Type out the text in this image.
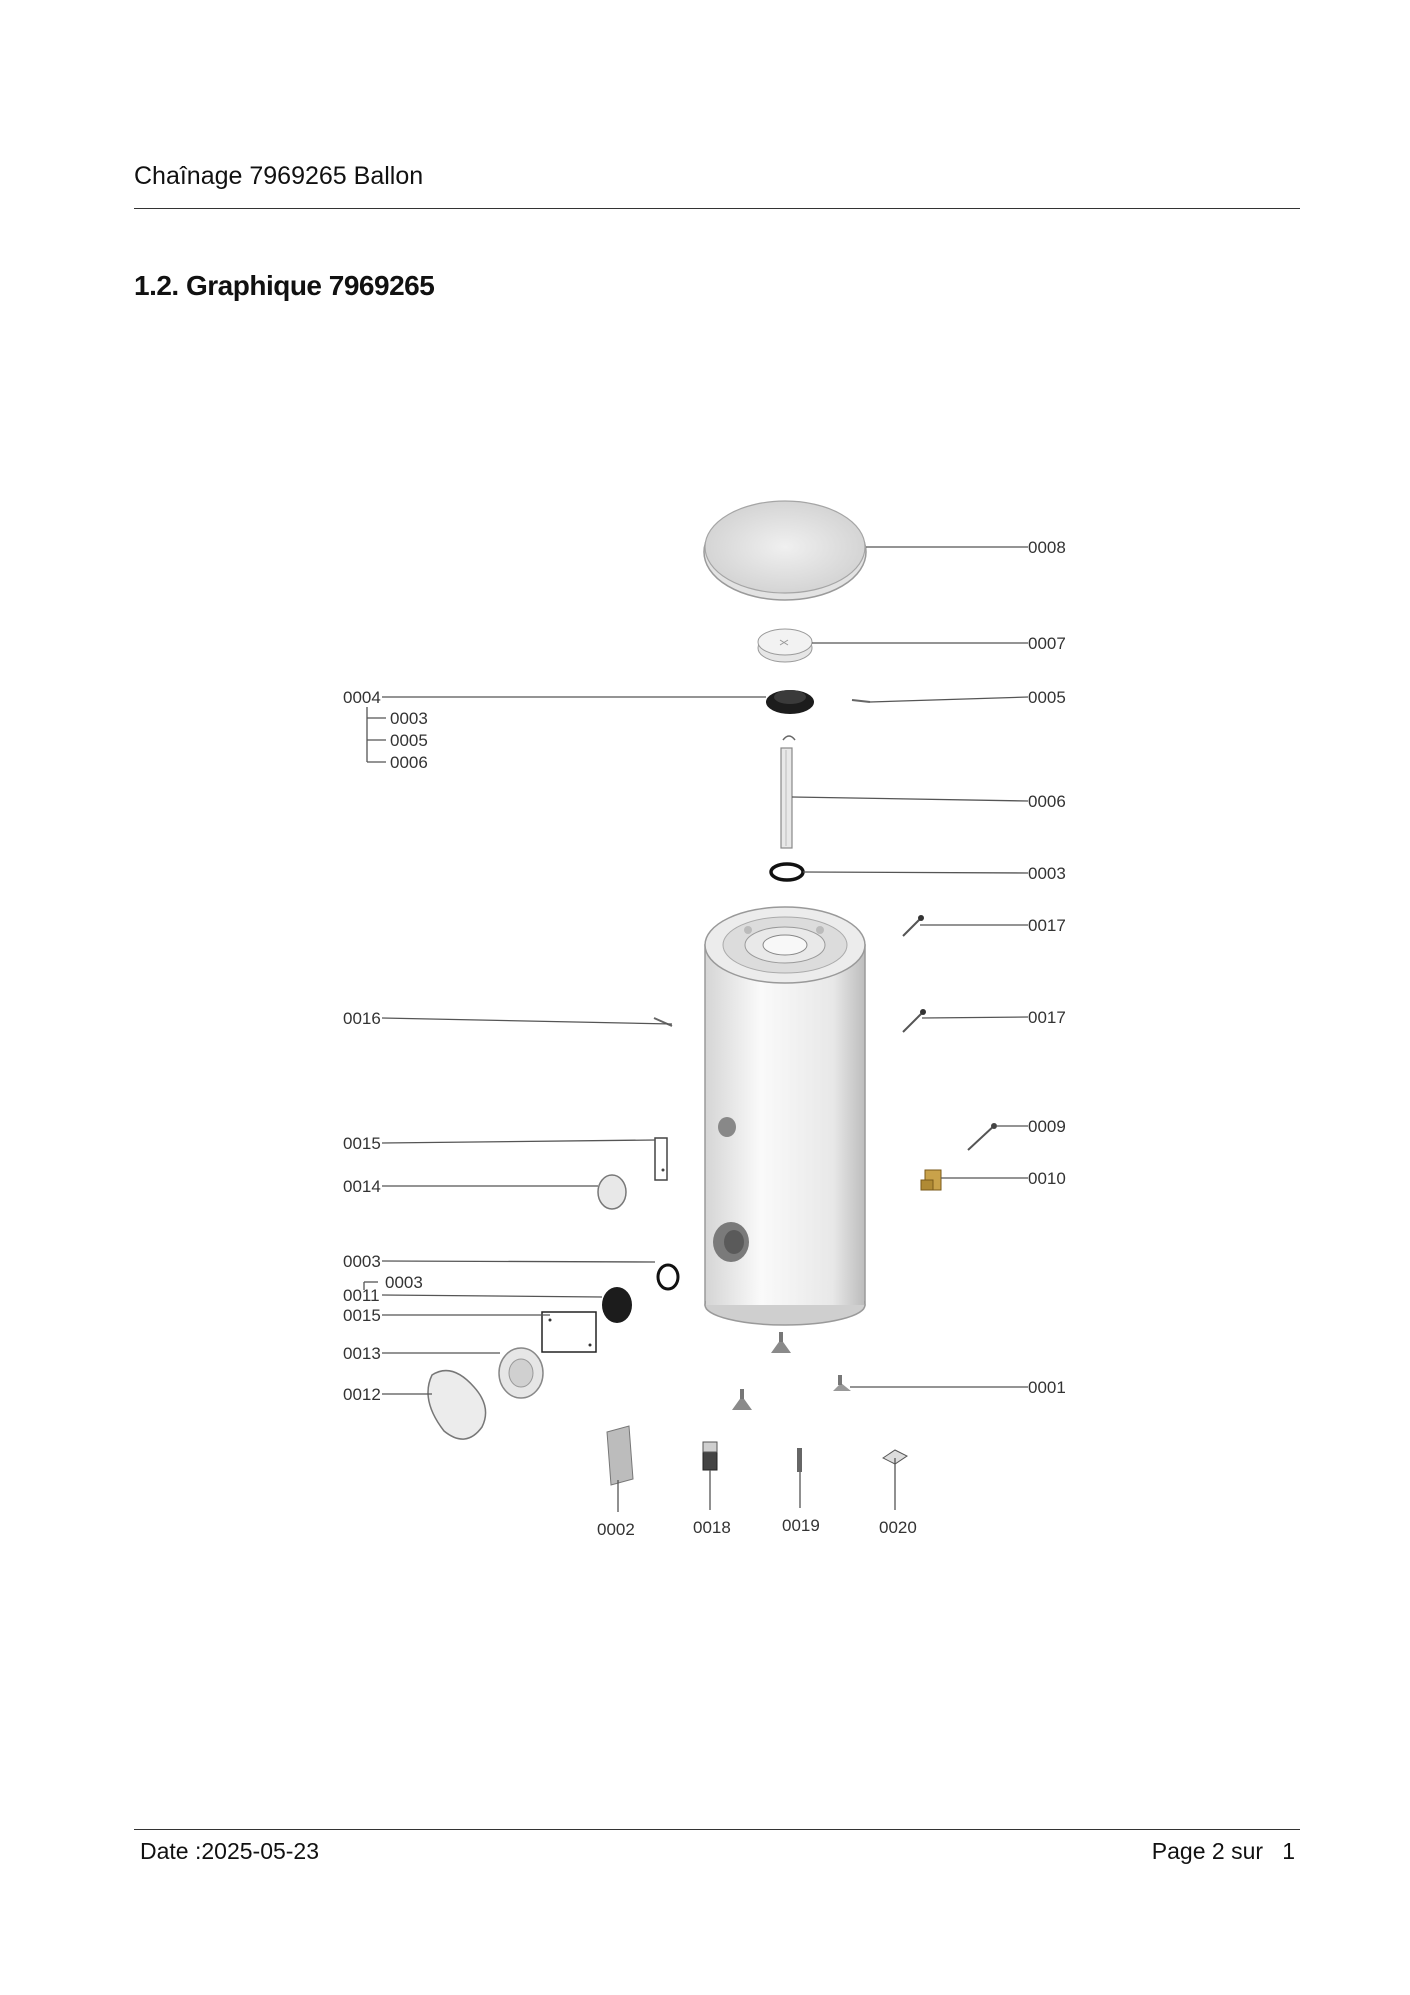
Chaînage 7969265 Ballon
1.2. Graphique 7969265
0008
0007
0005
0006
0003
0017
0017
0009
0010
0001
0004
0003
0005
0006
0016
0015
0014
0003
0003
0011
0015
0013
0012
0002	0018	0019	0020
Date :2025-05-23	Page 2 sur   1
